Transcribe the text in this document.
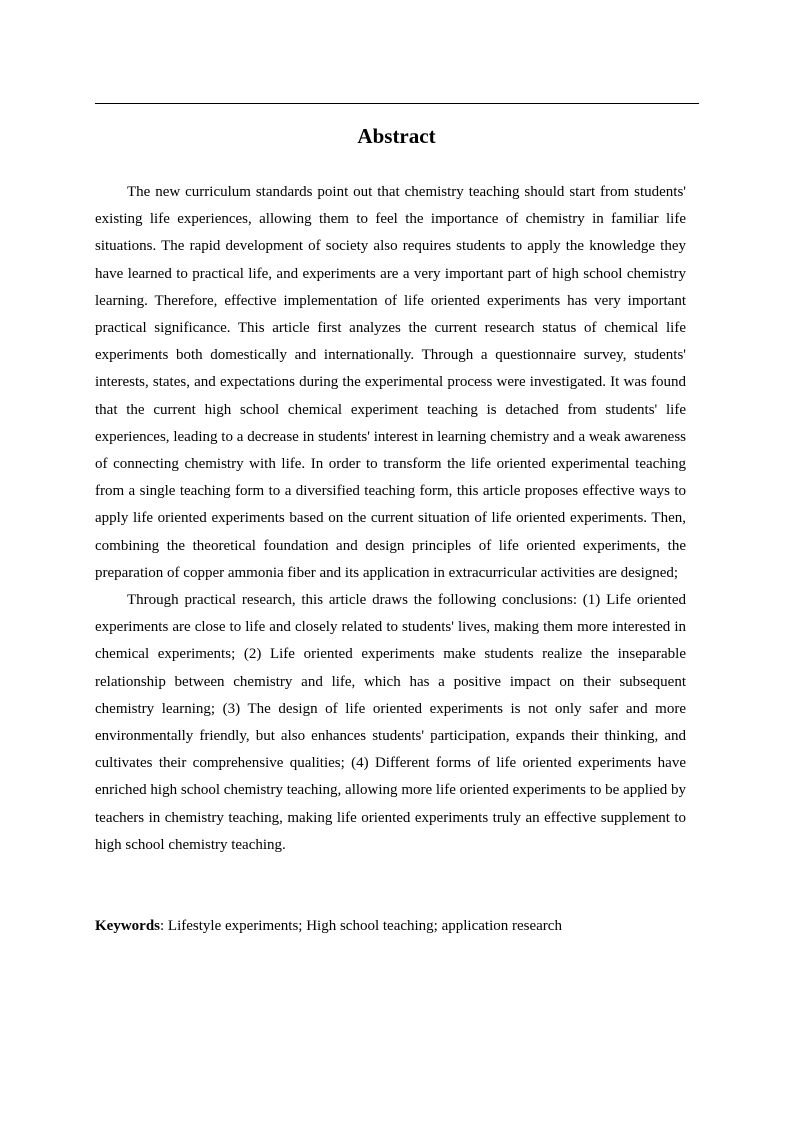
Abstract

The new curriculum standards point out that chemistry teaching should start from students' existing life experiences, allowing them to feel the importance of chemistry in familiar life situations. The rapid development of society also requires students to apply the knowledge they have learned to practical life, and experiments are a very important part of high school chemistry learning. Therefore, effective implementation of life oriented experiments has very important practical significance. This article first analyzes the current research status of chemical life experiments both domestically and internationally. Through a questionnaire survey, students' interests, states, and expectations during the experimental process were investigated. It was found that the current high school chemical experiment teaching is detached from students' life experiences, leading to a decrease in students' interest in learning chemistry and a weak awareness of connecting chemistry with life. In order to transform the life oriented experimental teaching from a single teaching form to a diversified teaching form, this article proposes effective ways to apply life oriented experiments based on the current situation of life oriented experiments. Then, combining the theoretical foundation and design principles of life oriented experiments, the preparation of copper ammonia fiber and its application in extracurricular activities are designed;

Through practical research, this article draws the following conclusions: (1) Life oriented experiments are close to life and closely related to students' lives, making them more interested in chemical experiments; (2) Life oriented experiments make students realize the inseparable relationship between chemistry and life, which has a positive impact on their subsequent chemistry learning; (3) The design of life oriented experiments is not only safer and more environmentally friendly, but also enhances students' participation, expands their thinking, and cultivates their comprehensive qualities; (4) Different forms of life oriented experiments have enriched high school chemistry teaching, allowing more life oriented experiments to be applied by teachers in chemistry teaching, making life oriented experiments truly an effective supplement to high school chemistry teaching.

Keywords: Lifestyle experiments; High school teaching; application research
